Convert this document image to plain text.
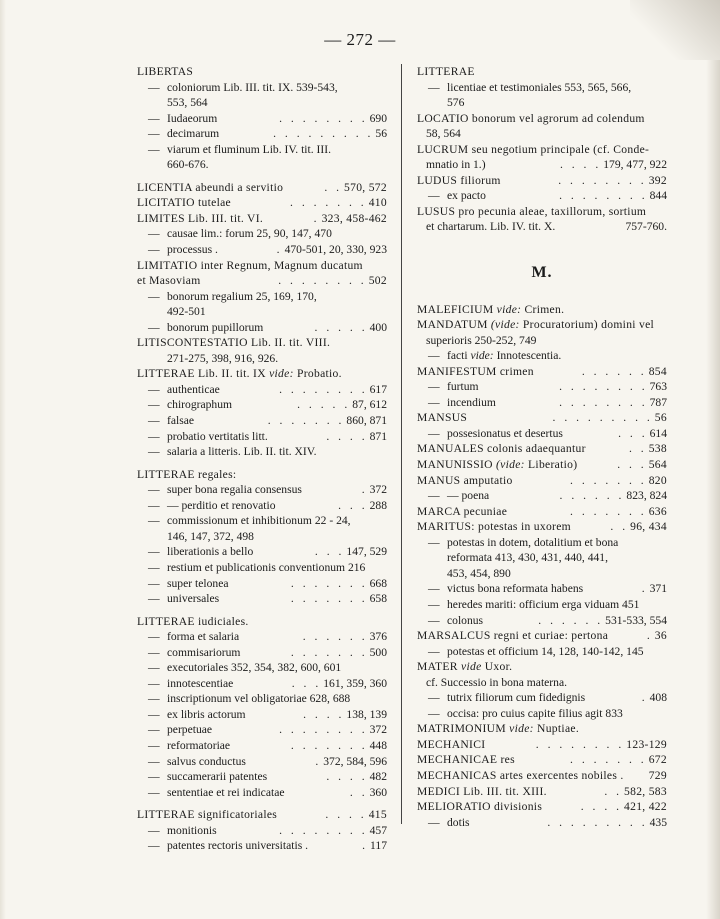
— 272 —
LIBERTAS
— coloniorum Lib. III. tit. IX. 539-543,
553, 564
— Iudaeorum	. . . . . . . . 690
— decimarum	. . . . . . . . . 56
— viarum et fluminum Lib. IV. tit. III.
660-676.
LICENTIA abeundi a servitio	. . 570, 572
LICITATIO tutelae	. . . . . . . 410
LIMITES Lib. III. tit. VI.	. 323, 458-462
— causae lim.: forum 25, 90, 147, 470
— processus .	. 470-501, 20, 330, 923
LIMITATIO inter Regnum, Magnum ducatum
et Masoviam	. . . . . . . . 502
— bonorum regalium 25, 169, 170,
492-501
— bonorum pupillorum	. . . . . 400
LITISCONTESTATIO Lib. II. tit. VIII.
271-275, 398, 916, 926.
LITTERAE Lib. II. tit. IX vide: Probatio.
— authenticae	. . . . . . . . 617
— chirographum	. . . . . 87, 612
— falsae	. . . . . . . 860, 871
— probatio vertitatis litt.	. . . . 871
— salaria a litteris. Lib. II. tit. XIV.
LITTERAE regales:
— super bona regalia consensus	. 372
— — perditio et renovatio	. . . 288
— commissionum et inhibitionum 22 - 24,
146, 147, 372, 498
— liberationis a bello	. . . 147, 529
— restium et publicationis conventionum 216
— super telonea	. . . . . . . 668
— universales	. . . . . . . 658
LITTERAE iudiciales.
— forma et salaria	. . . . . . 376
— commisariorum	. . . . . . . 500
— executoriales 352, 354, 382, 600, 601
— innotescentiae	. . . 161, 359, 360
— inscriptionum vel obligatoriae 628, 688
— ex libris actorum	. . . . 138, 139
— perpetuae	. . . . . . . . 372
— reformatoriae	. . . . . . . 448
— salvus conductus	. 372, 584, 596
— succamerarii patentes	. . . . 482
— sententiae et rei indicatae	. . 360
LITTERAE significatoriales	. . . . 415
— monitionis	. . . . . . . . 457
— patentes rectoris universitatis .	. 117
LITTERAE
— licentiae et testimoniales 553, 565, 566,
576
LOCATIO bonorum vel agrorum ad colendum
58, 564
LUCRUM seu negotium principale (cf. Conde-
mnatio in 1.)	. . . . 179, 477, 922
LUDUS filiorum	. . . . . . . . 392
— ex pacto	. . . . . . . . 844
LUSUS pro pecunia aleae, taxillorum, sortium
et chartarum. Lib. IV. tit. X.	757-760.
M.
MALEFICIUM vide: Crimen.
MANDATUM (vide: Procuratorium) domini vel
superioris 250-252, 749
— facti vide: Innotescentia.
MANIFESTUM crimen	. . . . . . 854
— furtum	. . . . . . . . 763
— incendium	. . . . . . . . 787
MANSUS	. . . . . . . . . 56
— possesionatus et desertus	. . . 614
MANUALES colonis adaequantur	. . 538
MANUNISSIO (vide: Liberatio)	. . . 564
MANUS amputatio	. . . . . . . 820
— — poena	. . . . . . 823, 824
MARCA pecuniae	. . . . . . . 636
MARITUS: potestas in uxorem	. . 96, 434
— potestas in dotem, dotalitium et bona
reformata 413, 430, 431, 440, 441,
453, 454, 890
— victus bona reformata habens	. 371
— heredes mariti: officium erga viduam 451
— colonus	. . . . . . 531-533, 554
MARSALCUS regni et curiae: pertona	. 36
— potestas et officium 14, 128, 140-142, 145
MATER vide Uxor.
cf. Successio in bona materna.
— tutrix filiorum cum fidedignis	. 408
— occisa: pro cuius capite filius agit 833
MATRIMONIUM vide: Nuptiae.
MECHANICI	. . . . . . . . 123-129
MECHANICAE res	. . . . . . . 672
MECHANICAS artes exercentes nobiles . 729
MEDICI Lib. III. tit. XIII.	. . 582, 583
MELIORATIO divisionis	. . . . 421, 422
— dotis	. . . . . . . . . 435
